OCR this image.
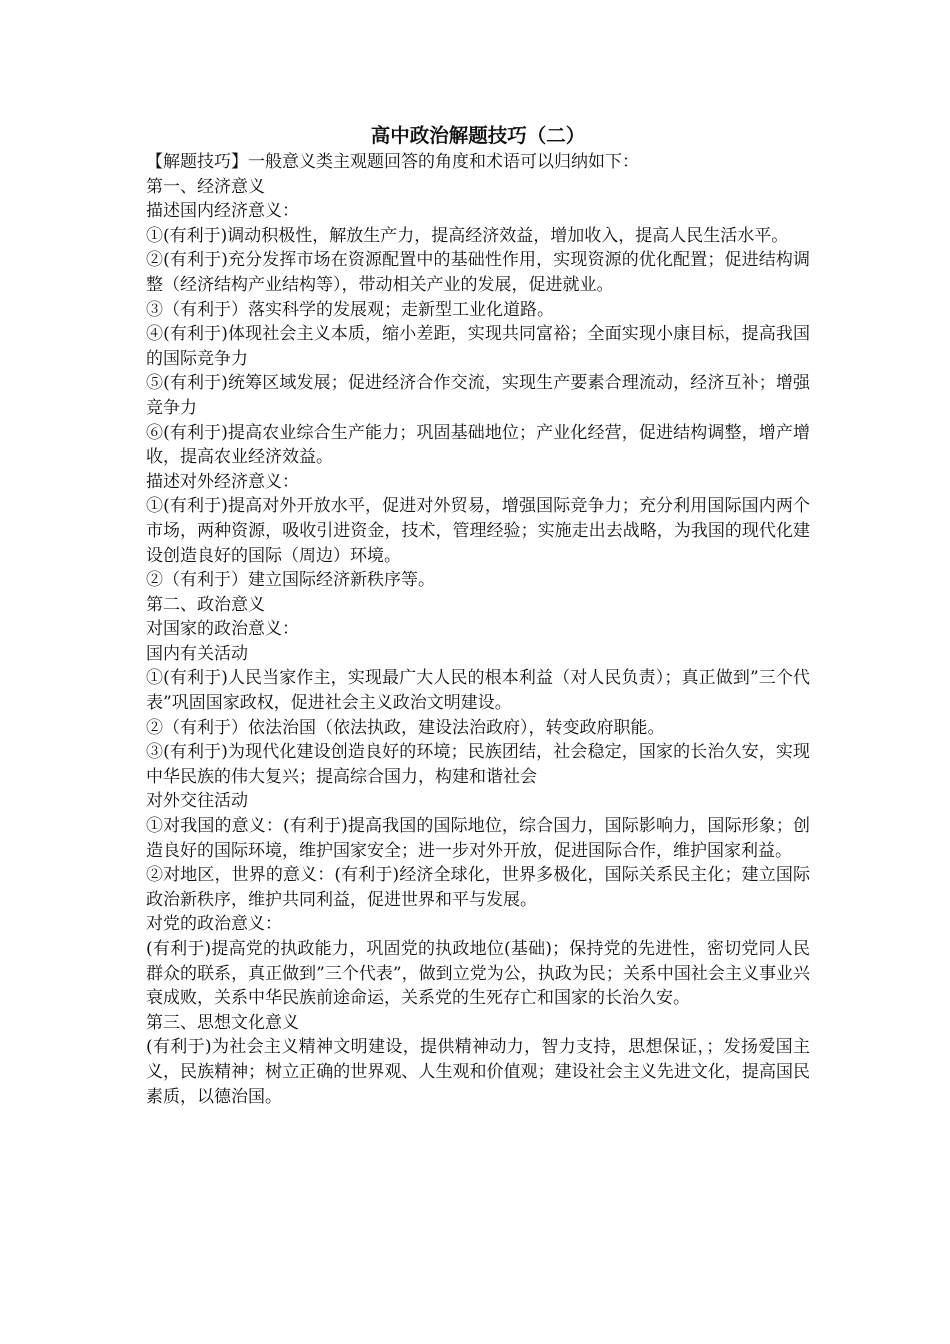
高中政治解题技巧（二）

【解题技巧】一般意义类主观题回答的角度和术语可以归纳如下：

第一、经济意义

描述国内经济意义：

①(有利于)调动积极性，解放生产力，提高经济效益，增加收入，提高人民生活水平。

②(有利于)充分发挥市场在资源配置中的基础性作用，实现资源的优化配置；促进结构调整（经济结构产业结构等），带动相关产业的发展，促进就业。

③（有利于）落实科学的发展观；走新型工业化道路。

④(有利于)体现社会主义本质，缩小差距，实现共同富裕；全面实现小康目标，提高我国的国际竞争力

⑤(有利于)统筹区域发展；促进经济合作交流，实现生产要素合理流动，经济互补；增强竞争力

⑥(有利于)提高农业综合生产能力；巩固基础地位；产业化经营，促进结构调整，增产增收，提高农业经济效益。

描述对外经济意义：

①(有利于)提高对外开放水平，促进对外贸易，增强国际竞争力；充分利用国际国内两个市场，两种资源，吸收引进资金，技术，管理经验；实施走出去战略，为我国的现代化建设创造良好的国际（周边）环境。

②（有利于）建立国际经济新秩序等。

第二、政治意义

对国家的政治意义：

国内有关活动

①(有利于)人民当家作主，实现最广大人民的根本利益（对人民负责）；真正做到”三个代表”巩固国家政权，促进社会主义政治文明建设。

②（有利于）依法治国（依法执政，建设法治政府），转变政府职能。

③(有利于)为现代化建设创造良好的环境；民族团结，社会稳定，国家的长治久安，实现中华民族的伟大复兴；提高综合国力，构建和谐社会

对外交往活动

①对我国的意义：(有利于)提高我国的国际地位，综合国力，国际影响力，国际形象；创造良好的国际环境，维护国家安全；进一步对外开放，促进国际合作，维护国家利益。

②对地区，世界的意义：(有利于)经济全球化，世界多极化，国际关系民主化；建立国际政治新秩序，维护共同利益，促进世界和平与发展。

对党的政治意义：

(有利于)提高党的执政能力，巩固党的执政地位(基础)；保持党的先进性，密切党同人民群众的联系，真正做到”三个代表”，做到立党为公，执政为民；关系中国社会主义事业兴衰成败，关系中华民族前途命运，关系党的生死存亡和国家的长治久安。

第三、思想文化意义

(有利于)为社会主义精神文明建设，提供精神动力，智力支持，思想保证，；发扬爱国主义，民族精神；树立正确的世界观、人生观和价值观；建设社会主义先进文化，提高国民素质，以德治国。
